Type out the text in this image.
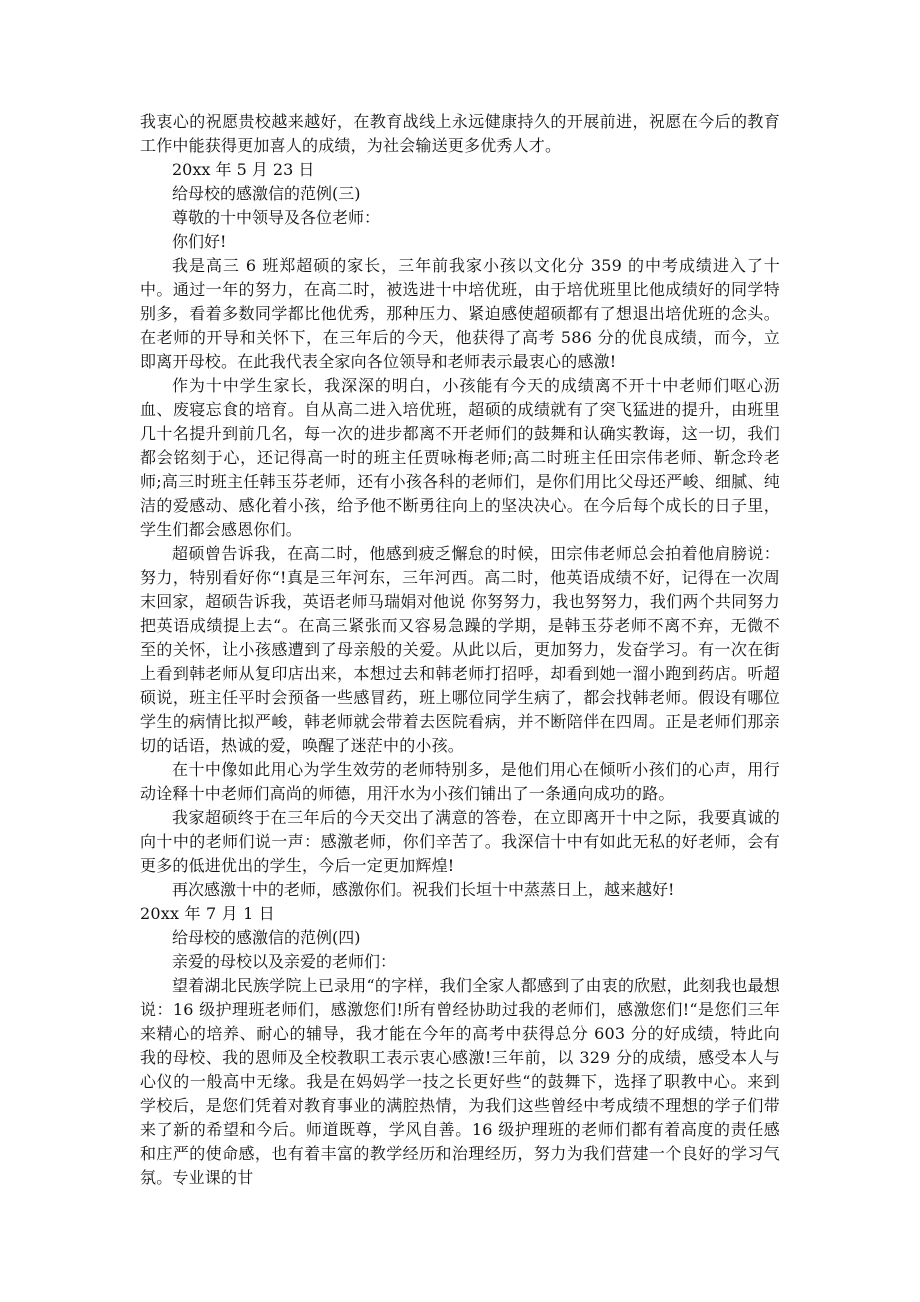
我衷心的祝愿贵校越来越好，在教育战线上永远健康持久的开展前进，祝愿在今后的教育工作中能获得更加喜人的成绩，为社会输送更多优秀人才。

20xx 年 5 月 23 日

给母校的感激信的范例(三)

尊敬的十中领导及各位老师：

你们好!

我是高三 6 班郑超硕的家长，三年前我家小孩以文化分 359 的中考成绩进入了十中。通过一年的努力，在高二时，被选进十中培优班，由于培优班里比他成绩好的同学特别多，看着多数同学都比他优秀，那种压力、紧迫感使超硕都有了想退出培优班的念头。在老师的开导和关怀下，在三年后的今天，他获得了高考 586 分的优良成绩，而今，立即离开母校。在此我代表全家向各位领导和老师表示最衷心的感激!

作为十中学生家长，我深深的明白，小孩能有今天的成绩离不开十中老师们呕心沥血、废寝忘食的培育。自从高二进入培优班，超硕的成绩就有了突飞猛进的提升，由班里几十名提升到前几名，每一次的进步都离不开老师们的鼓舞和认确实教诲，这一切，我们都会铭刻于心，还记得高一时的班主任贾咏梅老师;高二时班主任田宗伟老师、靳念玲老师;高三时班主任韩玉芬老师，还有小孩各科的老师们，是你们用比父母还严峻、细腻、纯洁的爱感动、感化着小孩，给予他不断勇往向上的坚决决心。在今后每个成长的日子里，学生们都会感恩你们。

超硕曾告诉我，在高二时，他感到疲乏懈怠的时候，田宗伟老师总会拍着他肩膀说：努力，特别看好你“!真是三年河东，三年河西。高二时，他英语成绩不好，记得在一次周末回家，超硕告诉我，英语老师马瑞娟对他说 你努努力，我也努努力，我们两个共同努力把英语成绩提上去“。在高三紧张而又容易急躁的学期，是韩玉芬老师不离不弃，无微不至的关怀，让小孩感遭到了母亲般的关爱。从此以后，更加努力，发奋学习。有一次在街上看到韩老师从复印店出来，本想过去和韩老师打招呼，却看到她一溜小跑到药店。听超硕说，班主任平时会预备一些感冒药，班上哪位同学生病了，都会找韩老师。假设有哪位学生的病情比拟严峻，韩老师就会带着去医院看病，并不断陪伴在四周。正是老师们那亲切的话语，热诚的爱，唤醒了迷茫中的小孩。

在十中像如此用心为学生效劳的老师特别多，是他们用心在倾听小孩们的心声，用行动诠释十中老师们高尚的师德，用汗水为小孩们铺出了一条通向成功的路。

我家超硕终于在三年后的今天交出了满意的答卷，在立即离开十中之际，我要真诚的向十中的老师们说一声：感激老师，你们辛苦了。我深信十中有如此无私的好老师，会有更多的低进优出的学生，今后一定更加辉煌!

再次感激十中的老师，感激你们。祝我们长垣十中蒸蒸日上，越来越好!

20xx 年 7 月 1 日

给母校的感激信的范例(四)

亲爱的母校以及亲爱的老师们：

望着湖北民族学院上已录用“的字样，我们全家人都感到了由衷的欣慰，此刻我也最想说：16 级护理班老师们，感激您们!所有曾经协助过我的老师们，感激您们!“是您们三年来精心的培养、耐心的辅导，我才能在今年的高考中获得总分 603 分的好成绩，特此向我的母校、我的恩师及全校教职工表示衷心感激!三年前，以 329 分的成绩，感受本人与心仪的一般高中无缘。我是在妈妈学一技之长更好些“的鼓舞下，选择了职教中心。来到学校后，是您们凭着对教育事业的满腔热情，为我们这些曾经中考成绩不理想的学子们带来了新的希望和今后。师道既尊，学风自善。16 级护理班的老师们都有着高度的责任感和庄严的使命感，也有着丰富的教学经历和治理经历，努力为我们营建一个良好的学习气氛。专业课的甘
